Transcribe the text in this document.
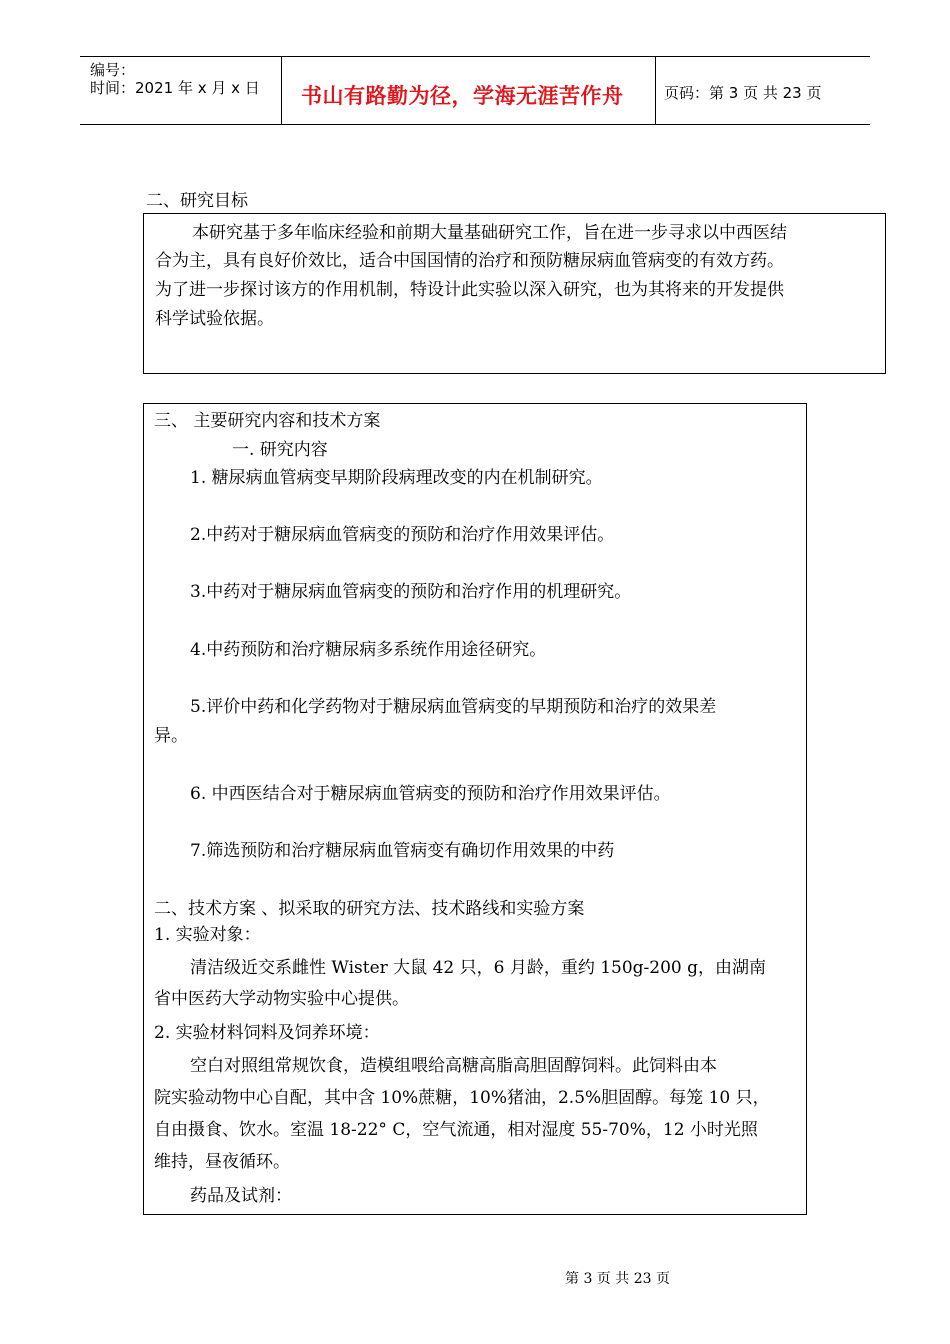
编号：
时间：2021 年 x 月 x 日 书山有路勤为径，学海无涯苦作舟	页码：第 3 页 共 23 页
二、研究目标
本研究基于多年临床经验和前期大量基础研究工作，旨在进一步寻求以中西医结
合为主，具有良好价效比，适合中国国情的治疗和预防糖尿病血管病变的有效方药。
为了进一步探讨该方的作用机制，特设计此实验以深入研究，也为其将来的开发提供
科学试验依据。
三、 主要研究内容和技术方案
一. 研究内容
1. 糖尿病血管病变早期阶段病理改变的内在机制研究。
2.中药对于糖尿病血管病变的预防和治疗作用效果评估。
3.中药对于糖尿病血管病变的预防和治疗作用的机理研究。
4.中药预防和治疗糖尿病多系统作用途径研究。
5.评价中药和化学药物对于糖尿病血管病变的早期预防和治疗的效果差
异。
6. 中西医结合对于糖尿病血管病变的预防和治疗作用效果评估。
7.筛选预防和治疗糖尿病血管病变有确切作用效果的中药
二、技术方案 、拟采取的研究方法、技术路线和实验方案
1. 实验对象：
清洁级近交系雌性 Wister 大鼠 42 只，6 月龄，重约 150g-200 g，由湖南
省中医药大学动物实验中心提供。
2. 实验材料饲料及饲养环境：
空白对照组常规饮食，造模组喂给高糖高脂高胆固醇饲料。此饲料由本
院实验动物中心自配，其中含 10%蔗糖，10%猪油，2.5%胆固醇。每笼 10 只，
自由摄食、饮水。室温 18-22° C，空气流通，相对湿度 55-70%，12 小时光照
维持，昼夜循环。
药品及试剂：
第 3 页 共 23 页
